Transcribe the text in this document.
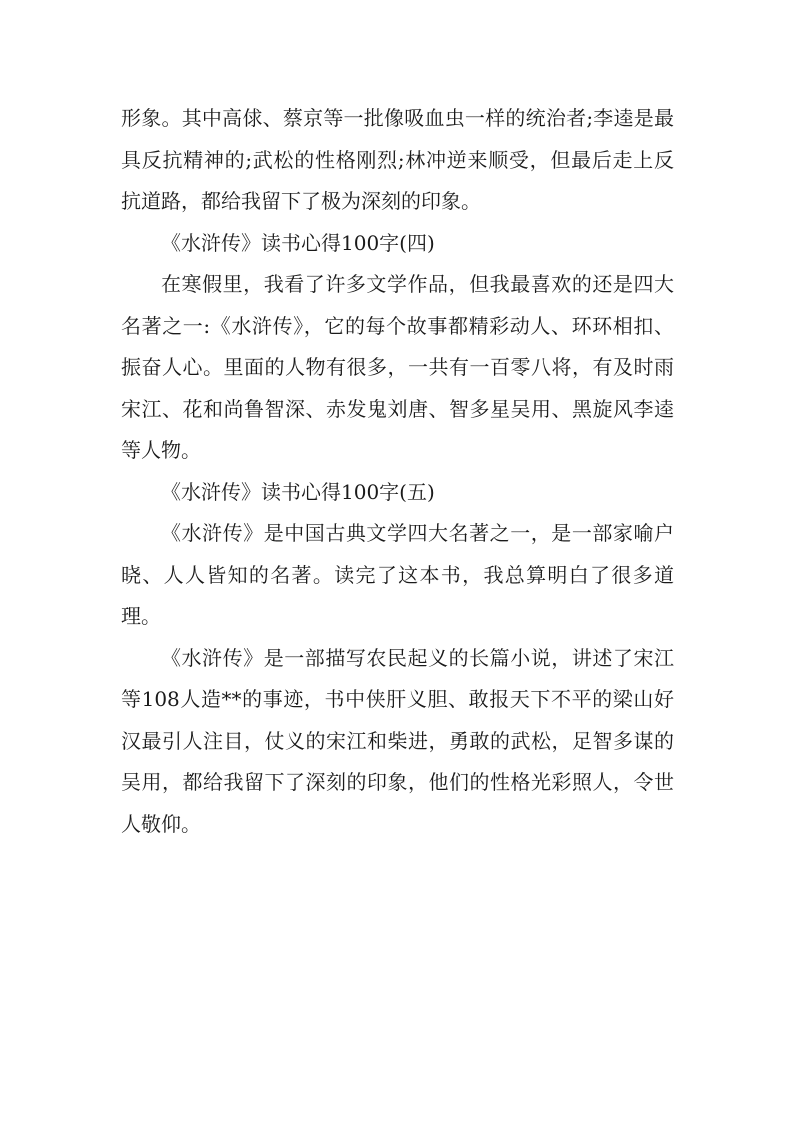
形象。其中高俅、蔡京等一批像吸血虫一样的统治者;李逵是最具反抗精神的;武松的性格刚烈;林冲逆来顺受，但最后走上反抗道路，都给我留下了极为深刻的印象。

《水浒传》读书心得100字(四)

在寒假里，我看了许多文学作品，但我最喜欢的还是四大名著之一:《水浒传》，它的每个故事都精彩动人、环环相扣、振奋人心。里面的人物有很多，一共有一百零八将，有及时雨宋江、花和尚鲁智深、赤发鬼刘唐、智多星吴用、黑旋风李逵等人物。

《水浒传》读书心得100字(五)

《水浒传》是中国古典文学四大名著之一，是一部家喻户晓、人人皆知的名著。读完了这本书，我总算明白了很多道理。

《水浒传》是一部描写农民起义的长篇小说，讲述了宋江等108人造**的事迹，书中侠肝义胆、敢报天下不平的梁山好汉最引人注目，仗义的宋江和柴进，勇敢的武松，足智多谋的吴用，都给我留下了深刻的印象，他们的性格光彩照人，令世人敬仰。
